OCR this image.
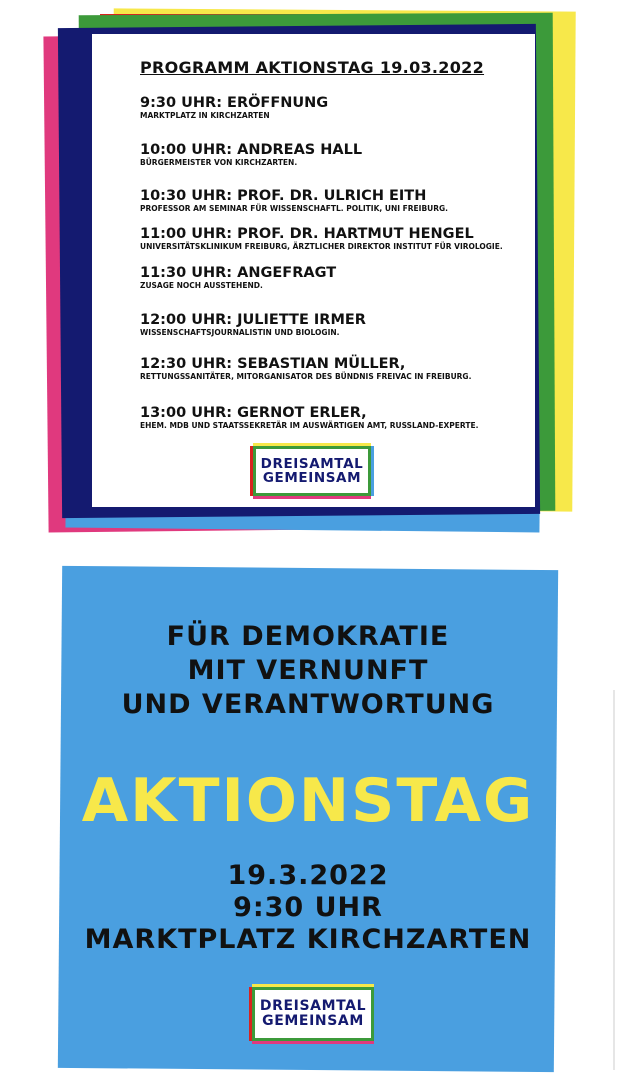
PROGRAMM AKTIONSTAG 19.03.2022
9:30 UHR: ERÖFFNUNG
MARKTPLATZ IN KIRCHZARTEN
10:00 UHR: ANDREAS HALL
BÜRGERMEISTER VON KIRCHZARTEN.
10:30 UHR: PROF. DR. ULRICH EITH
PROFESSOR AM SEMINAR FÜR WISSENSCHAFTL. POLITIK, UNI FREIBURG.
11:00 UHR: PROF. DR. HARTMUT HENGEL
UNIVERSITÄTSKLINIKUM FREIBURG, ÄRZTLICHER DIREKTOR INSTITUT FÜR VIROLOGIE.
11:30 UHR: ANGEFRAGT
ZUSAGE NOCH AUSSTEHEND.
12:00 UHR: JULIETTE IRMER
WISSENSCHAFTSJOURNALISTIN UND BIOLOGIN.
12:30 UHR: SEBASTIAN MÜLLER,
RETTUNGSSANITÄTER, MITORGANISATOR DES BÜNDNIS FREIVAC IN FREIBURG.
13:00 UHR: GERNOT ERLER,
EHEM. MDB UND STAATSSEKRETÄR IM AUSWÄRTIGEN AMT, RUSSLAND-EXPERTE.
DREISAMTAL
GEMEINSAM
FÜR DEMOKRATIE
MIT VERNUNFT
UND VERANTWORTUNG
AKTIONSTAG
19.3.2022
9:30 UHR
MARKTPLATZ KIRCHZARTEN
DREISAMTAL
GEMEINSAM
